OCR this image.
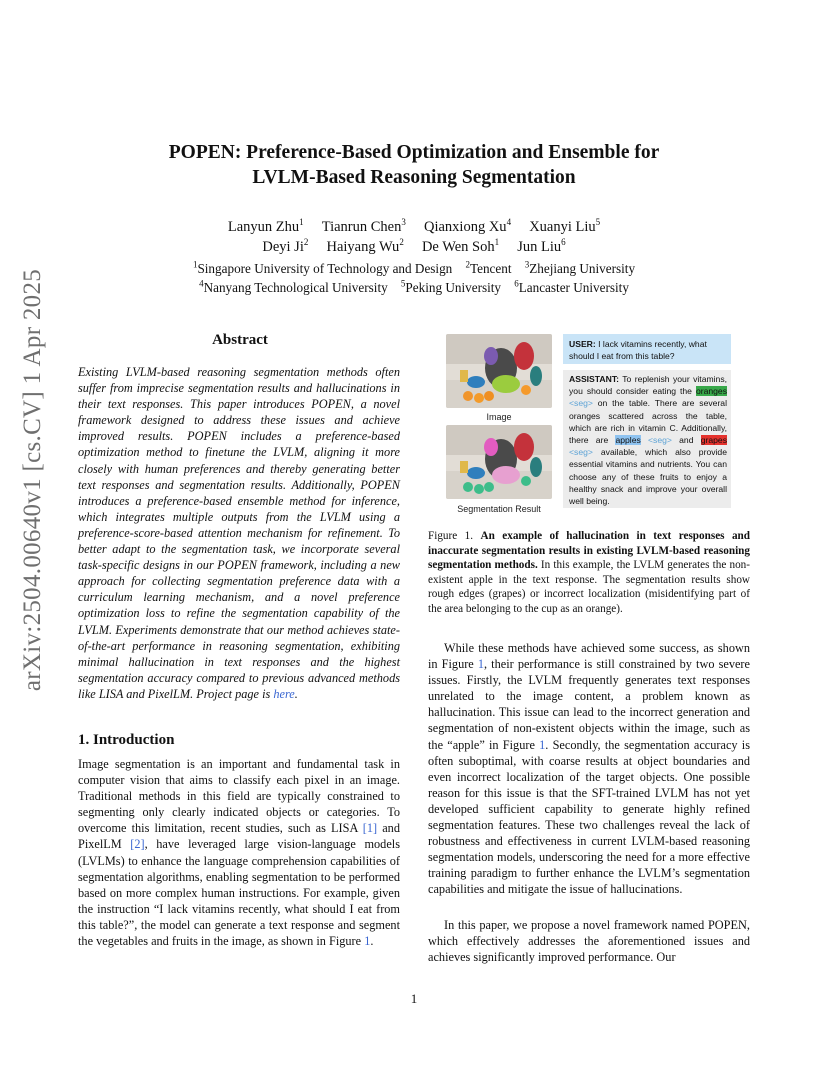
POPEN: Preference-Based Optimization and Ensemble for
LVLM-Based Reasoning Segmentation
Lanyun Zhu$^1$ Tianrun Chen$^3$ Qianxiong Xu$^4$ Xuanyi Liu$^5$
Deyi Ji$^2$ Haiyang Wu$^2$ De Wen Soh$^1$ Jun Liu$^6$
$^1$Singapore University of Technology and Design $^2$Tencent $^3$Zhejiang University
$^4$Nanyang Technological University $^5$Peking University $^6$Lancaster University
arXiv:2504.00640v1 [cs.CV] 1 Apr 2025	Abstract
Existing LVLM-based reasoning segmentation methods often suffer from imprecise segmentation results and hallucinations in their text responses. This paper introduces POPEN, a novel framework designed to address these issues and achieve improved results. POPEN includes a preference-based optimization method to finetune the LVLM, aligning it more closely with human preferences and thereby generating better text responses and segmentation results. Additionally, POPEN introduces a preference-based ensemble method for inference, which integrates multiple outputs from the LVLM using a preference-score-based attention mechanism for refinement. To better adapt to the segmentation task, we incorporate several task-specific designs in our POPEN framework, including a new approach for collecting segmentation preference data with a curriculum learning mechanism, and a novel preference optimization loss to refine the segmentation capability of the LVLM. Experiments demonstrate that our method achieves state-of-the-art performance in reasoning segmentation, exhibiting minimal hallucination in text responses and the highest segmentation accuracy compared to previous advanced methods like LISA and PixelLM. Project page is here.
1. Introduction
Image segmentation is an important and fundamental task in computer vision that aims to classify each pixel in an image. Traditional methods in this field are typically constrained to segmenting only clearly indicated objects or categories. To overcome this limitation, recent studies, such as LISA [1] and PixelLM [2], have leveraged large vision-language models (LVLMs) to enhance the language comprehension capabilities of segmentation algorithms, enabling segmentation to be performed based on more complex human instructions. For example, given the instruction “I lack vitamins recently, what should I eat from this table?”, the model can generate a text response and segment the vegetables and fruits in the image, as shown in Figure 1.
Image
Segmentation Result
USER: I lack vitamins recently, what should I eat from this table?
ASSISTANT: To replenish your vitamins, you should consider eating the oranges <seg> on the table. There are several oranges scattered across the table, which are rich in vitamin C. Additionally, there are apples <seg> and grapes <seg> available, which also provide essential vitamins and nutrients. You can choose any of these fruits to enjoy a healthy snack and improve your overall well being.
Figure 1. An example of hallucination in text responses and inaccurate segmentation results in existing LVLM-based reasoning segmentation methods. In this example, the LVLM generates the non-existent apple in the text response. The segmentation results show rough edges (grapes) or incorrect localization (misidentifying part of the area belonging to the cup as an orange).
While these methods have achieved some success, as shown in Figure 1, their performance is still constrained by two severe issues. Firstly, the LVLM frequently generates text responses unrelated to the image content, a problem known as hallucination. This issue can lead to the incorrect generation and segmentation of non-existent objects within the image, such as the “apple” in Figure 1. Secondly, the segmentation accuracy is often suboptimal, with coarse results at object boundaries and even incorrect localization of the target objects. One possible reason for this issue is that the SFT-trained LVLM has not yet developed sufficient capability to generate highly refined segmentation features. These two challenges reveal the lack of robustness and effectiveness in current LVLM-based reasoning segmentation models, underscoring the need for a more effective training paradigm to further enhance the LVLM’s segmentation capabilities and mitigate the issue of hallucinations.
In this paper, we propose a novel framework named POPEN, which effectively addresses the aforementioned issues and achieves significantly improved performance. Our
1
